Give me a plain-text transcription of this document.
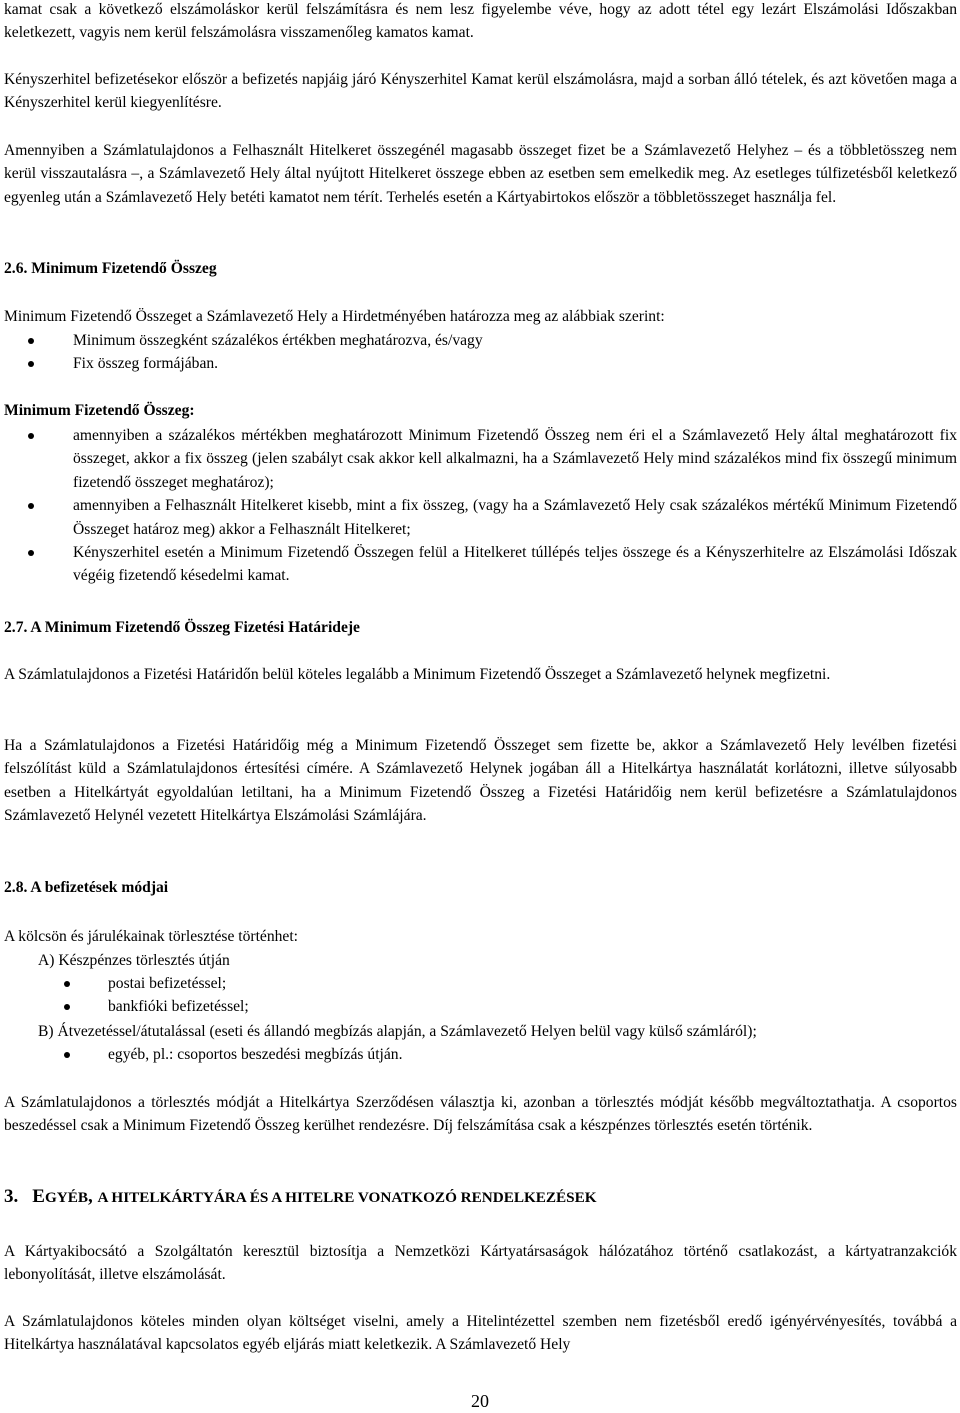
kamat csak a következő elszámoláskor kerül felszámításra és nem lesz figyelembe véve, hogy az adott tétel egy lezárt Elszámolási Időszakban keletkezett, vagyis nem kerül felszámolásra visszamenőleg kamatos kamat.

Kényszerhitel befizetésekor először a befizetés napjáig járó Kényszerhitel Kamat kerül elszámolásra, majd a sorban álló tételek, és azt követően maga a Kényszerhitel kerül kiegyenlítésre.

Amennyiben a Számlatulajdonos a Felhasznált Hitelkeret összegénél magasabb összeget fizet be a Számlavezető Helyhez – és a többletösszeg nem kerül visszautalásra –, a Számlavezető Hely által nyújtott Hitelkeret összege ebben az esetben sem emelkedik meg. Az esetleges túlfizetésből keletkező egyenleg után a Számlavezető Hely betéti kamatot nem térít. Terhelés esetén a Kártyabirtokos először a többletösszeget használja fel.

2.6. Minimum Fizetendő Összeg

Minimum Fizetendő Összeget a Számlavezető Hely a Hirdetményében határozza meg az alábbiak szerint:

Minimum összegként százalékos értékben meghatározva, és/vagy
Fix összeg formájában.

Minimum Fizetendő Összeg:

amennyiben a százalékos mértékben meghatározott Minimum Fizetendő Összeg nem éri el a Számlavezető Hely által meghatározott fix összeget, akkor a fix összeg (jelen szabályt csak akkor kell alkalmazni, ha a Számlavezető Hely mind százalékos mind fix összegű minimum fizetendő összeget meghatároz);
amennyiben a Felhasznált Hitelkeret kisebb, mint a fix összeg, (vagy ha a Számlavezető Hely csak százalékos mértékű Minimum Fizetendő Összeget határoz meg) akkor a Felhasznált Hitelkeret;
Kényszerhitel esetén a Minimum Fizetendő Összegen felül a Hitelkeret túllépés teljes összege és a Kényszerhitelre az Elszámolási Időszak végéig fizetendő késedelmi kamat.

2.7. A Minimum Fizetendő Összeg Fizetési Határideje

A Számlatulajdonos a Fizetési Határidőn belül köteles legalább a Minimum Fizetendő Összeget a Számlavezető helynek megfizetni.

Ha a Számlatulajdonos a Fizetési Határidőig még a Minimum Fizetendő Összeget sem fizette be, akkor a Számlavezető Hely levélben fizetési felszólítást küld a Számlatulajdonos értesítési címére. A Számlavezető Helynek jogában áll a Hitelkártya használatát korlátozni, illetve súlyosabb esetben a Hitelkártyát egyoldalúan letiltani, ha a Minimum Fizetendő Összeg a Fizetési Határidőig nem kerül befizetésre a Számlatulajdonos Számlavezető Helynél vezetett Hitelkártya Elszámolási Számlájára.

2.8. A befizetések módjai

A kölcsön és járulékainak törlesztése történhet:

A) Készpénzes törlesztés útján

postai befizetéssel;
bankfióki befizetéssel;

B) Átvezetéssel/átutalással (eseti és állandó megbízás alapján, a Számlavezető Helyen belül vagy külső számláról);

egyéb, pl.: csoportos beszedési megbízás útján.

A Számlatulajdonos a törlesztés módját a Hitelkártya Szerződésen választja ki, azonban a törlesztés módját később megváltoztathatja. A csoportos beszedéssel csak a Minimum Fizetendő Összeg kerülhet rendezésre. Díj felszámítása csak a készpénzes törlesztés esetén történik.

3. EGYÉB, A HITELKÁRTYÁRA ÉS A HITELRE VONATKOZÓ RENDELKEZÉSEK

A Kártyakibocsátó a Szolgáltatón keresztül biztosítja a Nemzetközi Kártyatársaságok hálózatához történő csatlakozást, a kártyatranzakciók lebonyolítását, illetve elszámolását.

A Számlatulajdonos köteles minden olyan költséget viselni, amely a Hitelintézettel szemben nem fizetésből eredő igényérvényesítés, továbbá a Hitelkártya használatával kapcsolatos egyéb eljárás miatt keletkezik. A Számlavezető Hely

20
